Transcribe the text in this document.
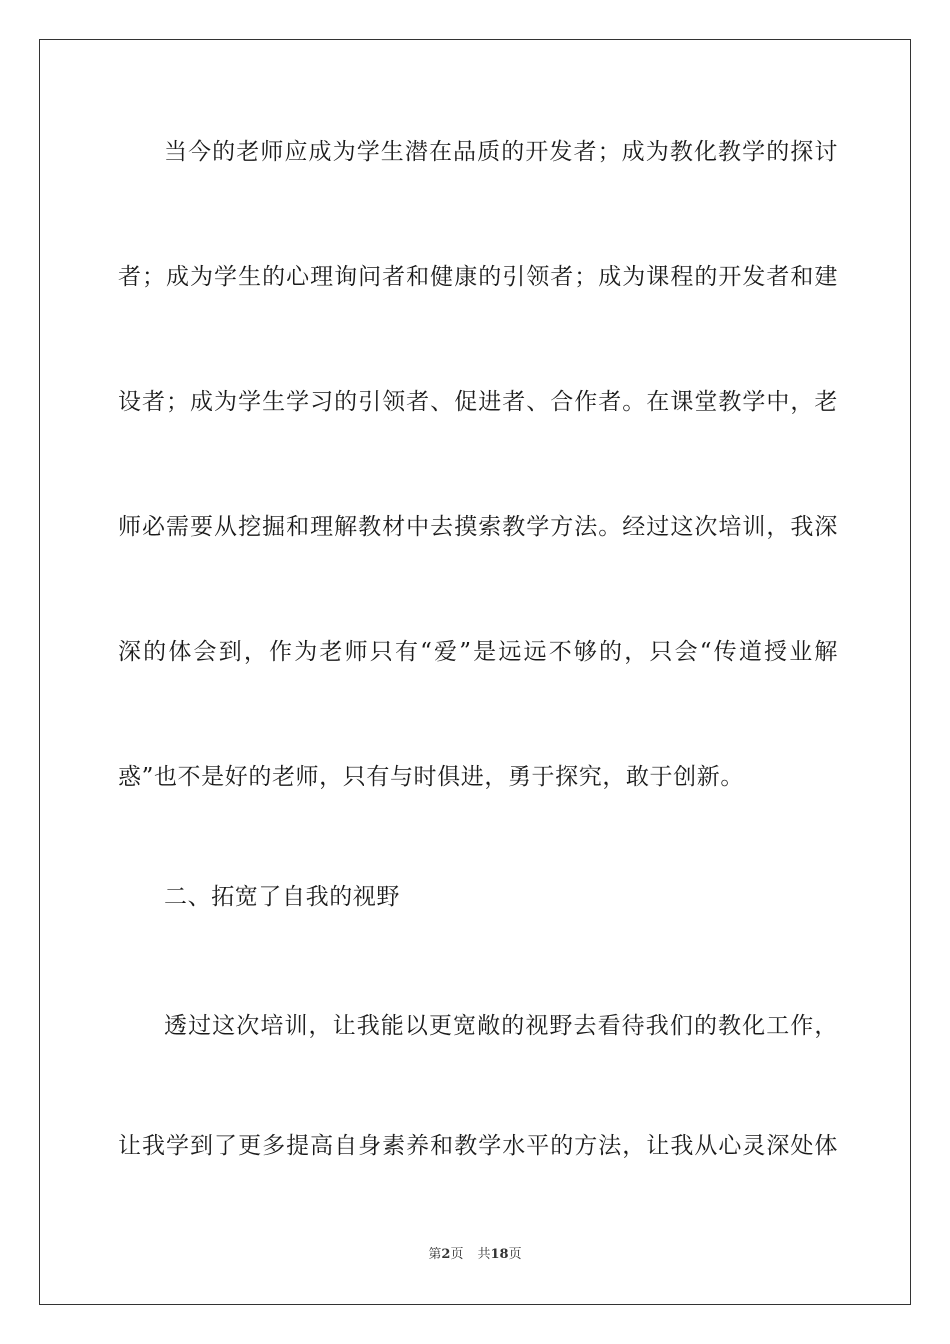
当今的老师应成为学生潜在品质的开发者；成为教化教学的探讨
者；成为学生的心理询问者和健康的引领者；成为课程的开发者和建
设者；成为学生学习的引领者、促进者、合作者。在课堂教学中，老
师必需要从挖掘和理解教材中去摸索教学方法。经过这次培训，我深
深的体会到，作为老师只有“爱”是远远不够的，只会“传道授业解
惑”也不是好的老师，只有与时俱进，勇于探究，敢于创新。
二、拓宽了自我的视野
透过这次培训，让我能以更宽敞的视野去看待我们的教化工作，
让我学到了更多提高自身素养和教学水平的方法，让我从心灵深处体
第2页 共18页
